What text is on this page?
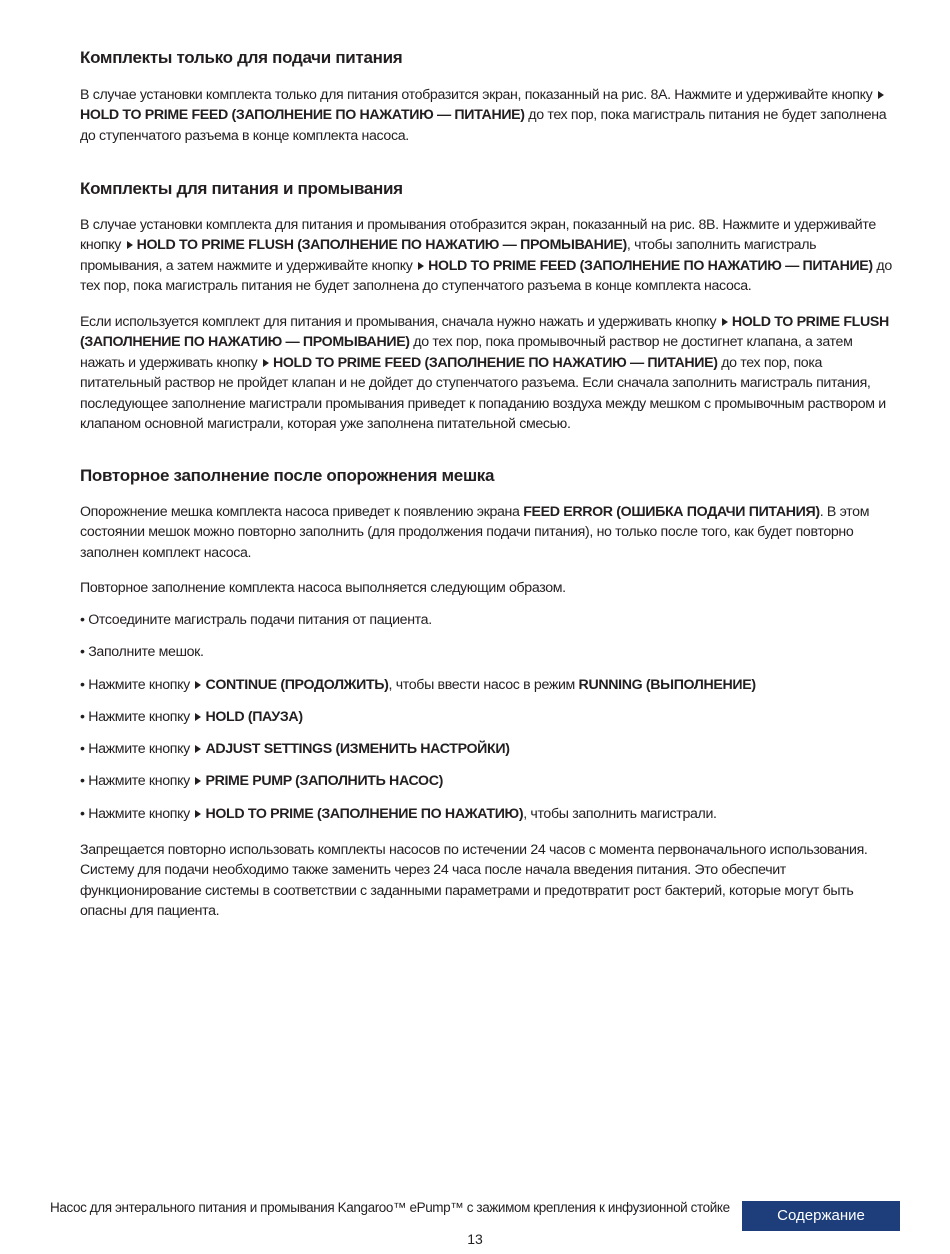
Комплекты только для подачи питания

В случае установки комплекта только для питания отобразится экран, показанный на рис. 8А. Нажмите и удерживайте кнопку HOLD TO PRIME FEED (ЗАПОЛНЕНИЕ ПО НАЖАТИЮ — ПИТАНИЕ) до тех пор, пока магистраль питания не будет заполнена до ступенчатого разъема в конце комплекта насоса.

Комплекты для питания и промывания

В случае установки комплекта для питания и промывания отобразится экран, показанный на рис. 8B. Нажмите и удерживайте кнопку HOLD TO PRIME FLUSH (ЗАПОЛНЕНИЕ ПО НАЖАТИЮ — ПРОМЫВАНИЕ), чтобы заполнить магистраль промывания, а затем нажмите и удерживайте кнопку HOLD TO PRIME FEED (ЗАПОЛНЕНИЕ ПО НАЖАТИЮ — ПИТАНИЕ) до тех пор, пока магистраль питания не будет заполнена до ступенчатого разъема в конце комплекта насоса.

Если используется комплект для питания и промывания, сначала нужно нажать и удерживать кнопку HOLD TO PRIME FLUSH (ЗАПОЛНЕНИЕ ПО НАЖАТИЮ — ПРОМЫВАНИЕ) до тех пор, пока промывочный раствор не достигнет клапана, а затем нажать и удерживать кнопку HOLD TO PRIME FEED (ЗАПОЛНЕНИЕ ПО НАЖАТИЮ — ПИТАНИЕ) до тех пор, пока питательный раствор не пройдет клапан и не дойдет до ступенчатого разъема. Если сначала заполнить магистраль питания, последующее заполнение магистрали промывания приведет к попаданию воздуха между мешком с промывочным раствором и клапаном основной магистрали, которая уже заполнена питательной смесью.

Повторное заполнение после опорожнения мешка

Опорожнение мешка комплекта насоса приведет к появлению экрана FEED ERROR (ОШИБКА ПОДАЧИ ПИТАНИЯ). В этом состоянии мешок можно повторно заполнить (для продолжения подачи питания), но только после того, как будет повторно заполнен комплект насоса.

Повторное заполнение комплекта насоса выполняется следующим образом.

• Отсоедините магистраль подачи питания от пациента.

• Заполните мешок.

• Нажмите кнопку CONTINUE (ПРОДОЛЖИТЬ), чтобы ввести насос в режим RUNNING (ВЫПОЛНЕНИЕ)

• Нажмите кнопку HOLD (ПАУЗА)

• Нажмите кнопку ADJUST SETTINGS (ИЗМЕНИТЬ НАСТРОЙКИ)

• Нажмите кнопку PRIME PUMP (ЗАПОЛНИТЬ НАСОС)

• Нажмите кнопку HOLD TO PRIME (ЗАПОЛНЕНИЕ ПО НАЖАТИЮ), чтобы заполнить магистрали.

Запрещается повторно использовать комплекты насосов по истечении 24 часов с момента первоначального использования. Систему для подачи необходимо также заменить через 24 часа после начала введения питания. Это обеспечит функционирование системы в соответствии с заданными параметрами и предотвратит рост бактерий, которые могут быть опасны для пациента.

Насос для энтерального питания и промывания Kangaroo™ ePump™ с зажимом крепления к инфузионной стойке	Содержание
13
